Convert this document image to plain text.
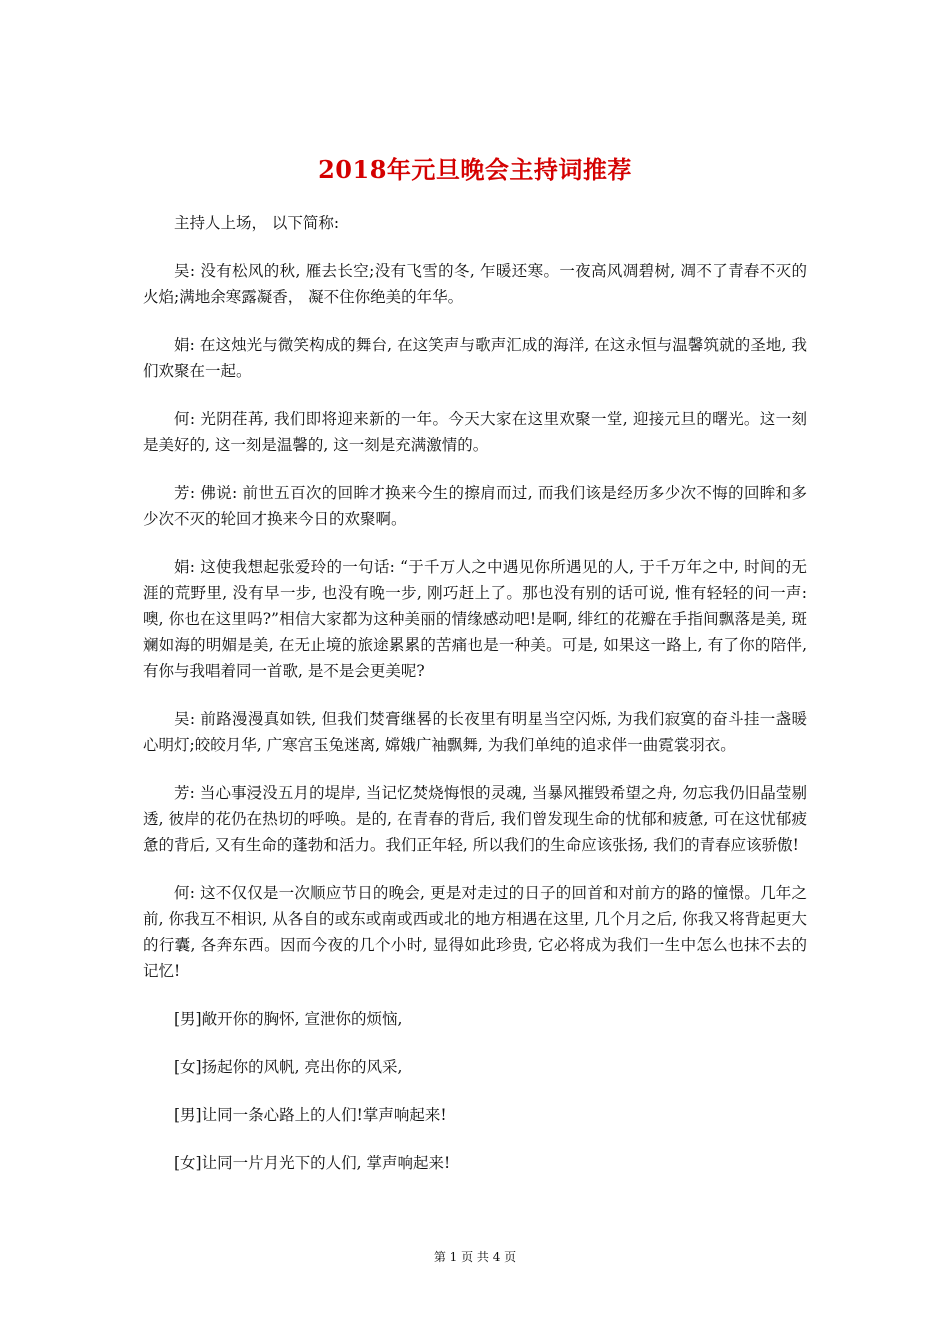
2018年元旦晚会主持词推荐

主持人上场， 以下简称:

吴: 没有松风的秋, 雁去长空;没有飞雪的冬, 乍暖还寒。一夜高风凋碧树, 凋不了青春不灭的火焰;满地余寒露凝香， 凝不住你绝美的年华。

娟: 在这烛光与微笑构成的舞台, 在这笑声与歌声汇成的海洋, 在这永恒与温馨筑就的圣地, 我们欢聚在一起。

何: 光阴荏苒, 我们即将迎来新的一年。今天大家在这里欢聚一堂, 迎接元旦的曙光。这一刻是美好的, 这一刻是温馨的, 这一刻是充满激情的。

芳: 佛说: 前世五百次的回眸才换来今生的擦肩而过, 而我们该是经历多少次不悔的回眸和多少次不灭的轮回才换来今日的欢聚啊。

娟: 这使我想起张爱玲的一句话: “于千万人之中遇见你所遇见的人, 于千万年之中, 时间的无涯的荒野里, 没有早一步, 也没有晚一步, 刚巧赶上了。那也没有别的话可说, 惟有轻轻的问一声: 噢, 你也在这里吗?”相信大家都为这种美丽的情缘感动吧!是啊, 绯红的花瓣在手指间飘落是美, 斑斓如海的明媚是美, 在无止境的旅途累累的苦痛也是一种美。可是, 如果这一路上, 有了你的陪伴, 有你与我唱着同一首歌, 是不是会更美呢?

吴: 前路漫漫真如铁, 但我们焚膏继晷的长夜里有明星当空闪烁, 为我们寂寞的奋斗挂一盏暖心明灯;皎皎月华, 广寒宫玉兔迷离, 嫦娥广袖飘舞, 为我们单纯的追求伴一曲霓裳羽衣。

芳: 当心事浸没五月的堤岸, 当记忆焚烧悔恨的灵魂, 当暴风摧毁希望之舟, 勿忘我仍旧晶莹剔透, 彼岸的花仍在热切的呼唤。是的, 在青春的背后, 我们曾发现生命的忧郁和疲惫, 可在这忧郁疲惫的背后, 又有生命的蓬勃和活力。我们正年轻, 所以我们的生命应该张扬, 我们的青春应该骄傲!

何: 这不仅仅是一次顺应节日的晚会, 更是对走过的日子的回首和对前方的路的憧憬。几年之前, 你我互不相识, 从各自的或东或南或西或北的地方相遇在这里, 几个月之后, 你我又将背起更大的行囊, 各奔东西。因而今夜的几个小时, 显得如此珍贵, 它必将成为我们一生中怎么也抹不去的记忆!

[男]敞开你的胸怀, 宣泄你的烦恼,

[女]扬起你的风帆, 亮出你的风采,

[男]让同一条心路上的人们!掌声响起来!

[女]让同一片月光下的人们, 掌声响起来!

第 1 页 共 4 页
